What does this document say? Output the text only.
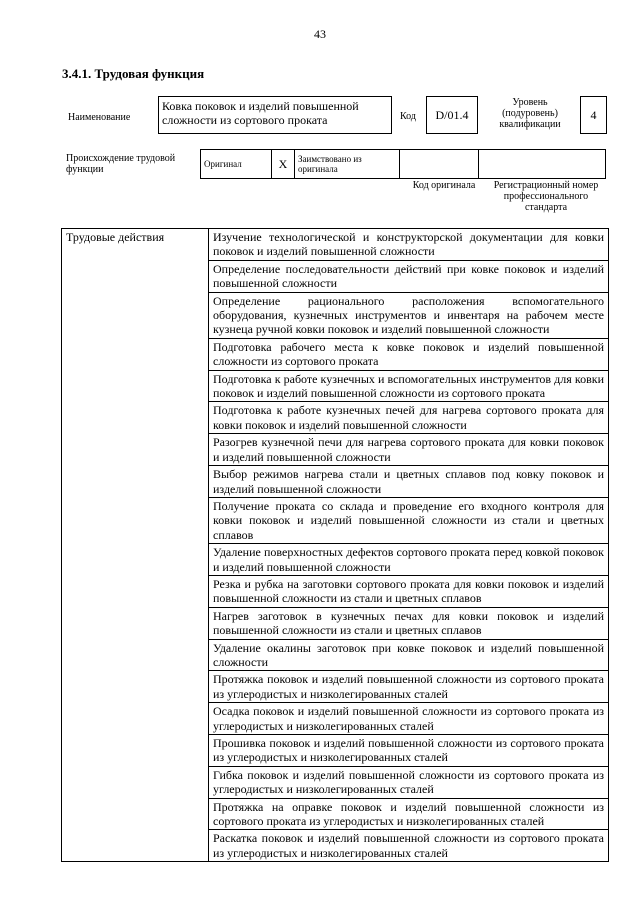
43
3.4.1. Трудовая функция
Наименование
Ковка поковок и изделий повышенной сложности из сортового проката	Код	D/01.4
Уровень (подуровень) квалификации
4
Происхождение трудовой функции	Оригинал	X	Заимствовано из оригинала		
Код оригинала	Регистрационный номер профессионального стандарта
Трудовые действия	Изучение технологической и конструкторской документации для ковки поковок и изделий повышенной сложности
Определение последовательности действий при ковке поковок и изделий повышенной сложности
Определение рационального расположения вспомогательного оборудования, кузнечных инструментов и инвентаря на рабочем месте кузнеца ручной ковки поковок и изделий повышенной сложности
Подготовка рабочего места к ковке поковок и изделий повышенной сложности из сортового проката
Подготовка к работе кузнечных и вспомогательных инструментов для ковки поковок и изделий повышенной сложности из сортового проката
Подготовка к работе кузнечных печей для нагрева сортового проката для ковки поковок и изделий повышенной сложности
Разогрев кузнечной печи для нагрева сортового проката для ковки поковок и изделий повышенной сложности
Выбор режимов нагрева стали и цветных сплавов под ковку поковок и изделий повышенной сложности
Получение проката со склада и проведение его входного контроля для ковки поковок и изделий повышенной сложности из стали и цветных сплавов
Удаление поверхностных дефектов сортового проката перед ковкой поковок и изделий повышенной сложности
Резка и рубка на заготовки сортового проката для ковки поковок и изделий повышенной сложности из стали и цветных сплавов
Нагрев заготовок в кузнечных печах для ковки поковок и изделий повышенной сложности из стали и цветных сплавов
Удаление окалины заготовок при ковке поковок и изделий повышенной сложности
Протяжка поковок и изделий повышенной сложности из сортового проката из углеродистых и низколегированных сталей
Осадка поковок и изделий повышенной сложности из сортового проката из углеродистых и низколегированных сталей
Прошивка поковок и изделий повышенной сложности из сортового проката из углеродистых и низколегированных сталей
Гибка поковок и изделий повышенной сложности из сортового проката из углеродистых и низколегированных сталей
Протяжка на оправке поковок и изделий повышенной сложности из сортового проката из углеродистых и низколегированных сталей
Раскатка поковок и изделий повышенной сложности из сортового проката из углеродистых и низколегированных сталей
